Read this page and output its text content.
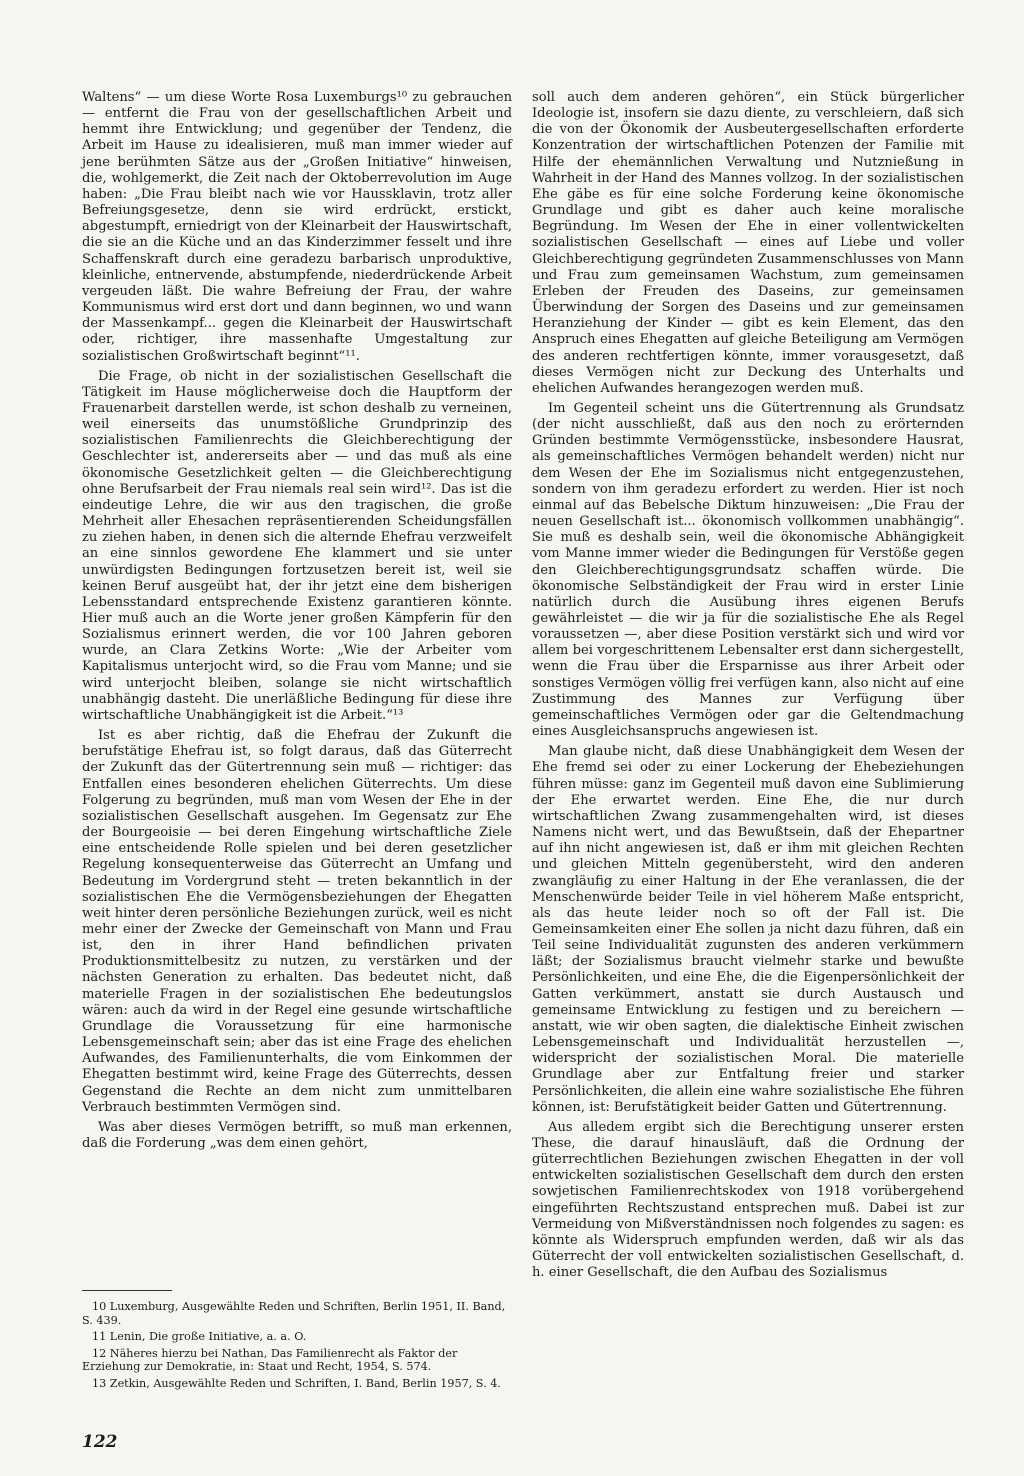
Waltens“ — um diese Worte Rosa Luxemburgs¹⁰ zu gebrauchen — entfernt die Frau von der gesellschaftlichen Arbeit und hemmt ihre Entwicklung; und gegenüber der Tendenz, die Arbeit im Hause zu idealisieren, muß man immer wieder auf jene berühmten Sätze aus der „Großen Initiative“ hinweisen, die, wohlgemerkt, die Zeit nach der Oktoberrevolution im Auge haben: „Die Frau bleibt nach wie vor Haussklavin, trotz aller Befreiungsgesetze, denn sie wird erdrückt, erstickt, abgestumpft, erniedrigt von der Kleinarbeit der Hauswirtschaft, die sie an die Küche und an das Kinderzimmer fesselt und ihre Schaffenskraft durch eine geradezu barbarisch unproduktive, kleinliche, entnervende, abstumpfende, niederdrückende Arbeit vergeuden läßt. Die wahre Befreiung der Frau, der wahre Kommunismus wird erst dort und dann beginnen, wo und wann der Massenkampf... gegen die Kleinarbeit der Hauswirtschaft oder, richtiger, ihre massenhafte Umgestaltung zur sozialistischen Großwirtschaft beginnt“¹¹.

Die Frage, ob nicht in der sozialistischen Gesellschaft die Tätigkeit im Hause möglicherweise doch die Hauptform der Frauenarbeit darstellen werde, ist schon deshalb zu verneinen, weil einerseits das unumstößliche Grundprinzip des sozialistischen Familienrechts die Gleichberechtigung der Geschlechter ist, andererseits aber — und das muß als eine ökonomische Gesetzlichkeit gelten — die Gleichberechtigung ohne Berufsarbeit der Frau niemals real sein wird¹². Das ist die eindeutige Lehre, die wir aus den tragischen, die große Mehrheit aller Ehesachen repräsentierenden Scheidungsfällen zu ziehen haben, in denen sich die alternde Ehefrau verzweifelt an eine sinnlos gewordene Ehe klammert und sie unter unwürdigsten Bedingungen fortzusetzen bereit ist, weil sie keinen Beruf ausgeübt hat, der ihr jetzt eine dem bisherigen Lebensstandard entsprechende Existenz garantieren könnte. Hier muß auch an die Worte jener großen Kämpferin für den Sozialismus erinnert werden, die vor 100 Jahren geboren wurde, an Clara Zetkins Worte: „Wie der Arbeiter vom Kapitalismus unterjocht wird, so die Frau vom Manne; und sie wird unterjocht bleiben, solange sie nicht wirtschaftlich unabhängig dasteht. Die unerläßliche Bedingung für diese ihre wirtschaftliche Unabhängigkeit ist die Arbeit.“¹³

Ist es aber richtig, daß die Ehefrau der Zukunft die berufstätige Ehefrau ist, so folgt daraus, daß das Güterrecht der Zukunft das der Gütertrennung sein muß — richtiger: das Entfallen eines besonderen ehelichen Güterrechts. Um diese Folgerung zu begründen, muß man vom Wesen der Ehe in der sozialistischen Gesellschaft ausgehen. Im Gegensatz zur Ehe der Bourgeoisie — bei deren Eingehung wirtschaftliche Ziele eine entscheidende Rolle spielen und bei deren gesetzlicher Regelung konsequenterweise das Güterrecht an Umfang und Bedeutung im Vordergrund steht — treten bekanntlich in der sozialistischen Ehe die Vermögensbeziehungen der Ehegatten weit hinter deren persönliche Beziehungen zurück, weil es nicht mehr einer der Zwecke der Gemeinschaft von Mann und Frau ist, den in ihrer Hand befindlichen privaten Produktionsmittelbesitz zu nutzen, zu verstärken und der nächsten Generation zu erhalten. Das bedeutet nicht, daß materielle Fragen in der sozialistischen Ehe bedeutungslos wären: auch da wird in der Regel eine gesunde wirtschaftliche Grundlage die Voraussetzung für eine harmonische Lebensgemeinschaft sein; aber das ist eine Frage des ehelichen Aufwandes, des Familienunterhalts, die vom Einkommen der Ehegatten bestimmt wird, keine Frage des Güterrechts, dessen Gegenstand die Rechte an dem nicht zum unmittelbaren Verbrauch bestimmten Vermögen sind.

Was aber dieses Vermögen betrifft, so muß man erkennen, daß die Forderung „was dem einen gehört,

soll auch dem anderen gehören“, ein Stück bürgerlicher Ideologie ist, insofern sie dazu diente, zu verschleiern, daß sich die von der Ökonomik der Ausbeutergesellschaften erforderte Konzentration der wirtschaftlichen Potenzen der Familie mit Hilfe der ehemännlichen Verwaltung und Nutznießung in Wahrheit in der Hand des Mannes vollzog. In der sozialistischen Ehe gäbe es für eine solche Forderung keine ökonomische Grundlage und gibt es daher auch keine moralische Begründung. Im Wesen der Ehe in einer vollentwickelten sozialistischen Gesellschaft — eines auf Liebe und voller Gleichberechtigung gegründeten Zusammenschlusses von Mann und Frau zum gemeinsamen Wachstum, zum gemeinsamen Erleben der Freuden des Daseins, zur gemeinsamen Überwindung der Sorgen des Daseins und zur gemeinsamen Heranziehung der Kinder — gibt es kein Element, das den Anspruch eines Ehegatten auf gleiche Beteiligung am Vermögen des anderen rechtfertigen könnte, immer vorausgesetzt, daß dieses Vermögen nicht zur Deckung des Unterhalts und ehelichen Aufwandes herangezogen werden muß.

Im Gegenteil scheint uns die Gütertrennung als Grundsatz (der nicht ausschließt, daß aus den noch zu erörternden Gründen bestimmte Vermögensstücke, insbesondere Hausrat, als gemeinschaftliches Vermögen behandelt werden) nicht nur dem Wesen der Ehe im Sozialismus nicht entgegenzustehen, sondern von ihm geradezu erfordert zu werden. Hier ist noch einmal auf das Bebelsche Diktum hinzuweisen: „Die Frau der neuen Gesellschaft ist... ökonomisch vollkommen unabhängig“. Sie muß es deshalb sein, weil die ökonomische Abhängigkeit vom Manne immer wieder die Bedingungen für Verstöße gegen den Gleichberechtigungsgrundsatz schaffen würde. Die ökonomische Selbständigkeit der Frau wird in erster Linie natürlich durch die Ausübung ihres eigenen Berufs gewährleistet — die wir ja für die sozialistische Ehe als Regel voraussetzen —, aber diese Position verstärkt sich und wird vor allem bei vorgeschrittenem Lebensalter erst dann sichergestellt, wenn die Frau über die Ersparnisse aus ihrer Arbeit oder sonstiges Vermögen völlig frei verfügen kann, also nicht auf eine Zustimmung des Mannes zur Verfügung über gemeinschaftliches Vermögen oder gar die Geltendmachung eines Ausgleichsanspruchs angewiesen ist.

Man glaube nicht, daß diese Unabhängigkeit dem Wesen der Ehe fremd sei oder zu einer Lockerung der Ehebeziehungen führen müsse: ganz im Gegenteil muß davon eine Sublimierung der Ehe erwartet werden. Eine Ehe, die nur durch wirtschaftlichen Zwang zusammengehalten wird, ist dieses Namens nicht wert, und das Bewußtsein, daß der Ehepartner auf ihn nicht angewiesen ist, daß er ihm mit gleichen Rechten und gleichen Mitteln gegenübersteht, wird den anderen zwangläufig zu einer Haltung in der Ehe veranlassen, die der Menschenwürde beider Teile in viel höherem Maße entspricht, als das heute leider noch so oft der Fall ist. Die Gemeinsamkeiten einer Ehe sollen ja nicht dazu führen, daß ein Teil seine Individualität zugunsten des anderen verkümmern läßt; der Sozialismus braucht vielmehr starke und bewußte Persönlichkeiten, und eine Ehe, die die Eigenpersönlichkeit der Gatten verkümmert, anstatt sie durch Austausch und gemeinsame Entwicklung zu festigen und zu bereichern — anstatt, wie wir oben sagten, die dialektische Einheit zwischen Lebensgemeinschaft und Individualität herzustellen —, widerspricht der sozialistischen Moral. Die materielle Grundlage aber zur Entfaltung freier und starker Persönlichkeiten, die allein eine wahre sozialistische Ehe führen können, ist: Berufstätigkeit beider Gatten und Gütertrennung.

Aus alledem ergibt sich die Berechtigung unserer ersten These, die darauf hinausläuft, daß die Ordnung der güterrechtlichen Beziehungen zwischen Ehegatten in der voll entwickelten sozialistischen Gesellschaft dem durch den ersten sowjetischen Familienrechtskodex von 1918 vorübergehend eingeführten Rechtszustand entsprechen muß. Dabei ist zur Vermeidung von Mißverständnissen noch folgendes zu sagen: es könnte als Widerspruch empfunden werden, daß wir als das Güterrecht der voll entwickelten sozialistischen Gesellschaft, d. h. einer Gesellschaft, die den Aufbau des Sozialismus

10 Luxemburg, Ausgewählte Reden und Schriften, Berlin 1951, II. Band, S. 439.

11 Lenin, Die große Initiative, a. a. O.

12 Näheres hierzu bei Nathan, Das Familienrecht als Faktor der Erziehung zur Demokratie, in: Staat und Recht, 1954, S. 574.

13 Zetkin, Ausgewählte Reden und Schriften, I. Band, Berlin 1957, S. 4.

122
